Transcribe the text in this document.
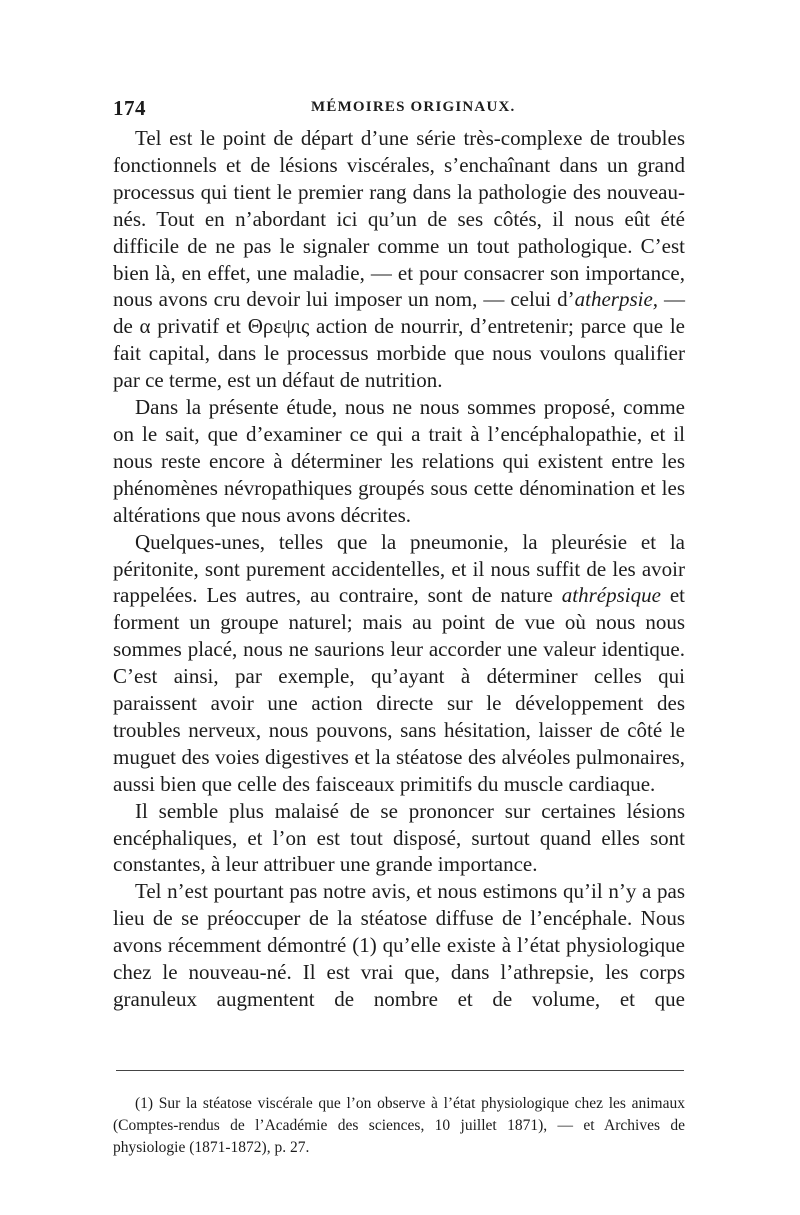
174	MÉMOIRES ORIGINAUX.

Tel est le point de départ d’une série très-complexe de troubles fonctionnels et de lésions viscérales, s’enchaînant dans un grand processus qui tient le premier rang dans la pathologie des nouveau-nés. Tout en n’abordant ici qu’un de ses côtés, il nous eût été difficile de ne pas le signaler comme un tout pathologique. C’est bien là, en effet, une maladie, — et pour consacrer son importance, nous avons cru devoir lui imposer un nom, — celui d’atherpsie, — de α privatif et Θρεψις action de nourrir, d’entretenir; parce que le fait capital, dans le processus morbide que nous voulons qualifier par ce terme, est un défaut de nutrition.

Dans la présente étude, nous ne nous sommes proposé, comme on le sait, que d’examiner ce qui a trait à l’encéphalopathie, et il nous reste encore à déterminer les relations qui existent entre les phénomènes névropathiques groupés sous cette dénomination et les altérations que nous avons décrites.

Quelques-unes, telles que la pneumonie, la pleurésie et la péritonite, sont purement accidentelles, et il nous suffit de les avoir rappelées. Les autres, au contraire, sont de nature athrépsique et forment un groupe naturel; mais au point de vue où nous nous sommes placé, nous ne saurions leur accorder une valeur identique. C’est ainsi, par exemple, qu’ayant à déterminer celles qui paraissent avoir une action directe sur le développement des troubles nerveux, nous pouvons, sans hésitation, laisser de côté le muguet des voies digestives et la stéatose des alvéoles pulmonaires, aussi bien que celle des faisceaux primitifs du muscle cardiaque.

Il semble plus malaisé de se prononcer sur certaines lésions encéphaliques, et l’on est tout disposé, surtout quand elles sont constantes, à leur attribuer une grande importance.

Tel n’est pourtant pas notre avis, et nous estimons qu’il n’y a pas lieu de se préoccuper de la stéatose diffuse de l’encéphale. Nous avons récemment démontré (1) qu’elle existe à l’état physiologique chez le nouveau-né. Il est vrai que, dans l’athrepsie, les corps granuleux augmentent de nombre et de volume, et que

(1) Sur la stéatose viscérale que l’on observe à l’état physiologique chez les animaux (Comptes-rendus de l’Académie des sciences, 10 juillet 1871), — et Archives de physiologie (1871-1872), p. 27.
